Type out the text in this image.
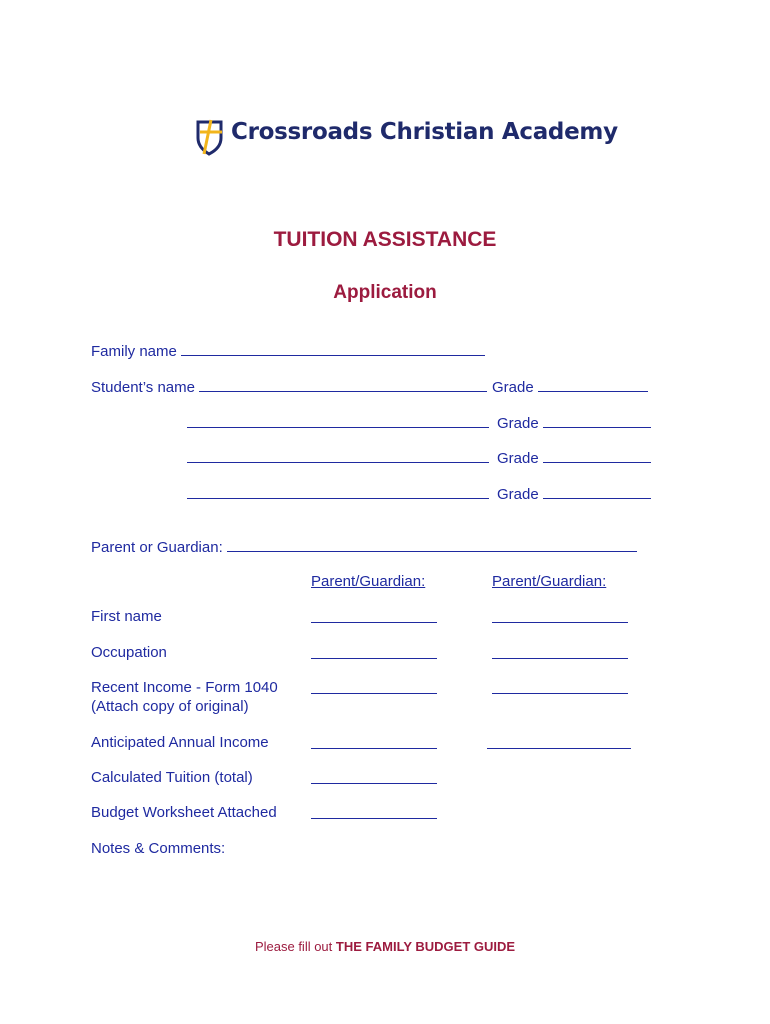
Crossroads Christian Academy
TUITION ASSISTANCE
Application
Family name
Student’s name	Grade
Grade
Grade
Grade
Parent or Guardian:
Parent/Guardian:	Parent/Guardian:
First name
Occupation
Recent Income - Form 1040
(Attach copy of original)
Anticipated Annual Income
Calculated Tuition (total)
Budget Worksheet Attached
Notes & Comments:
Please fill out THE FAMILY BUDGET GUIDE
